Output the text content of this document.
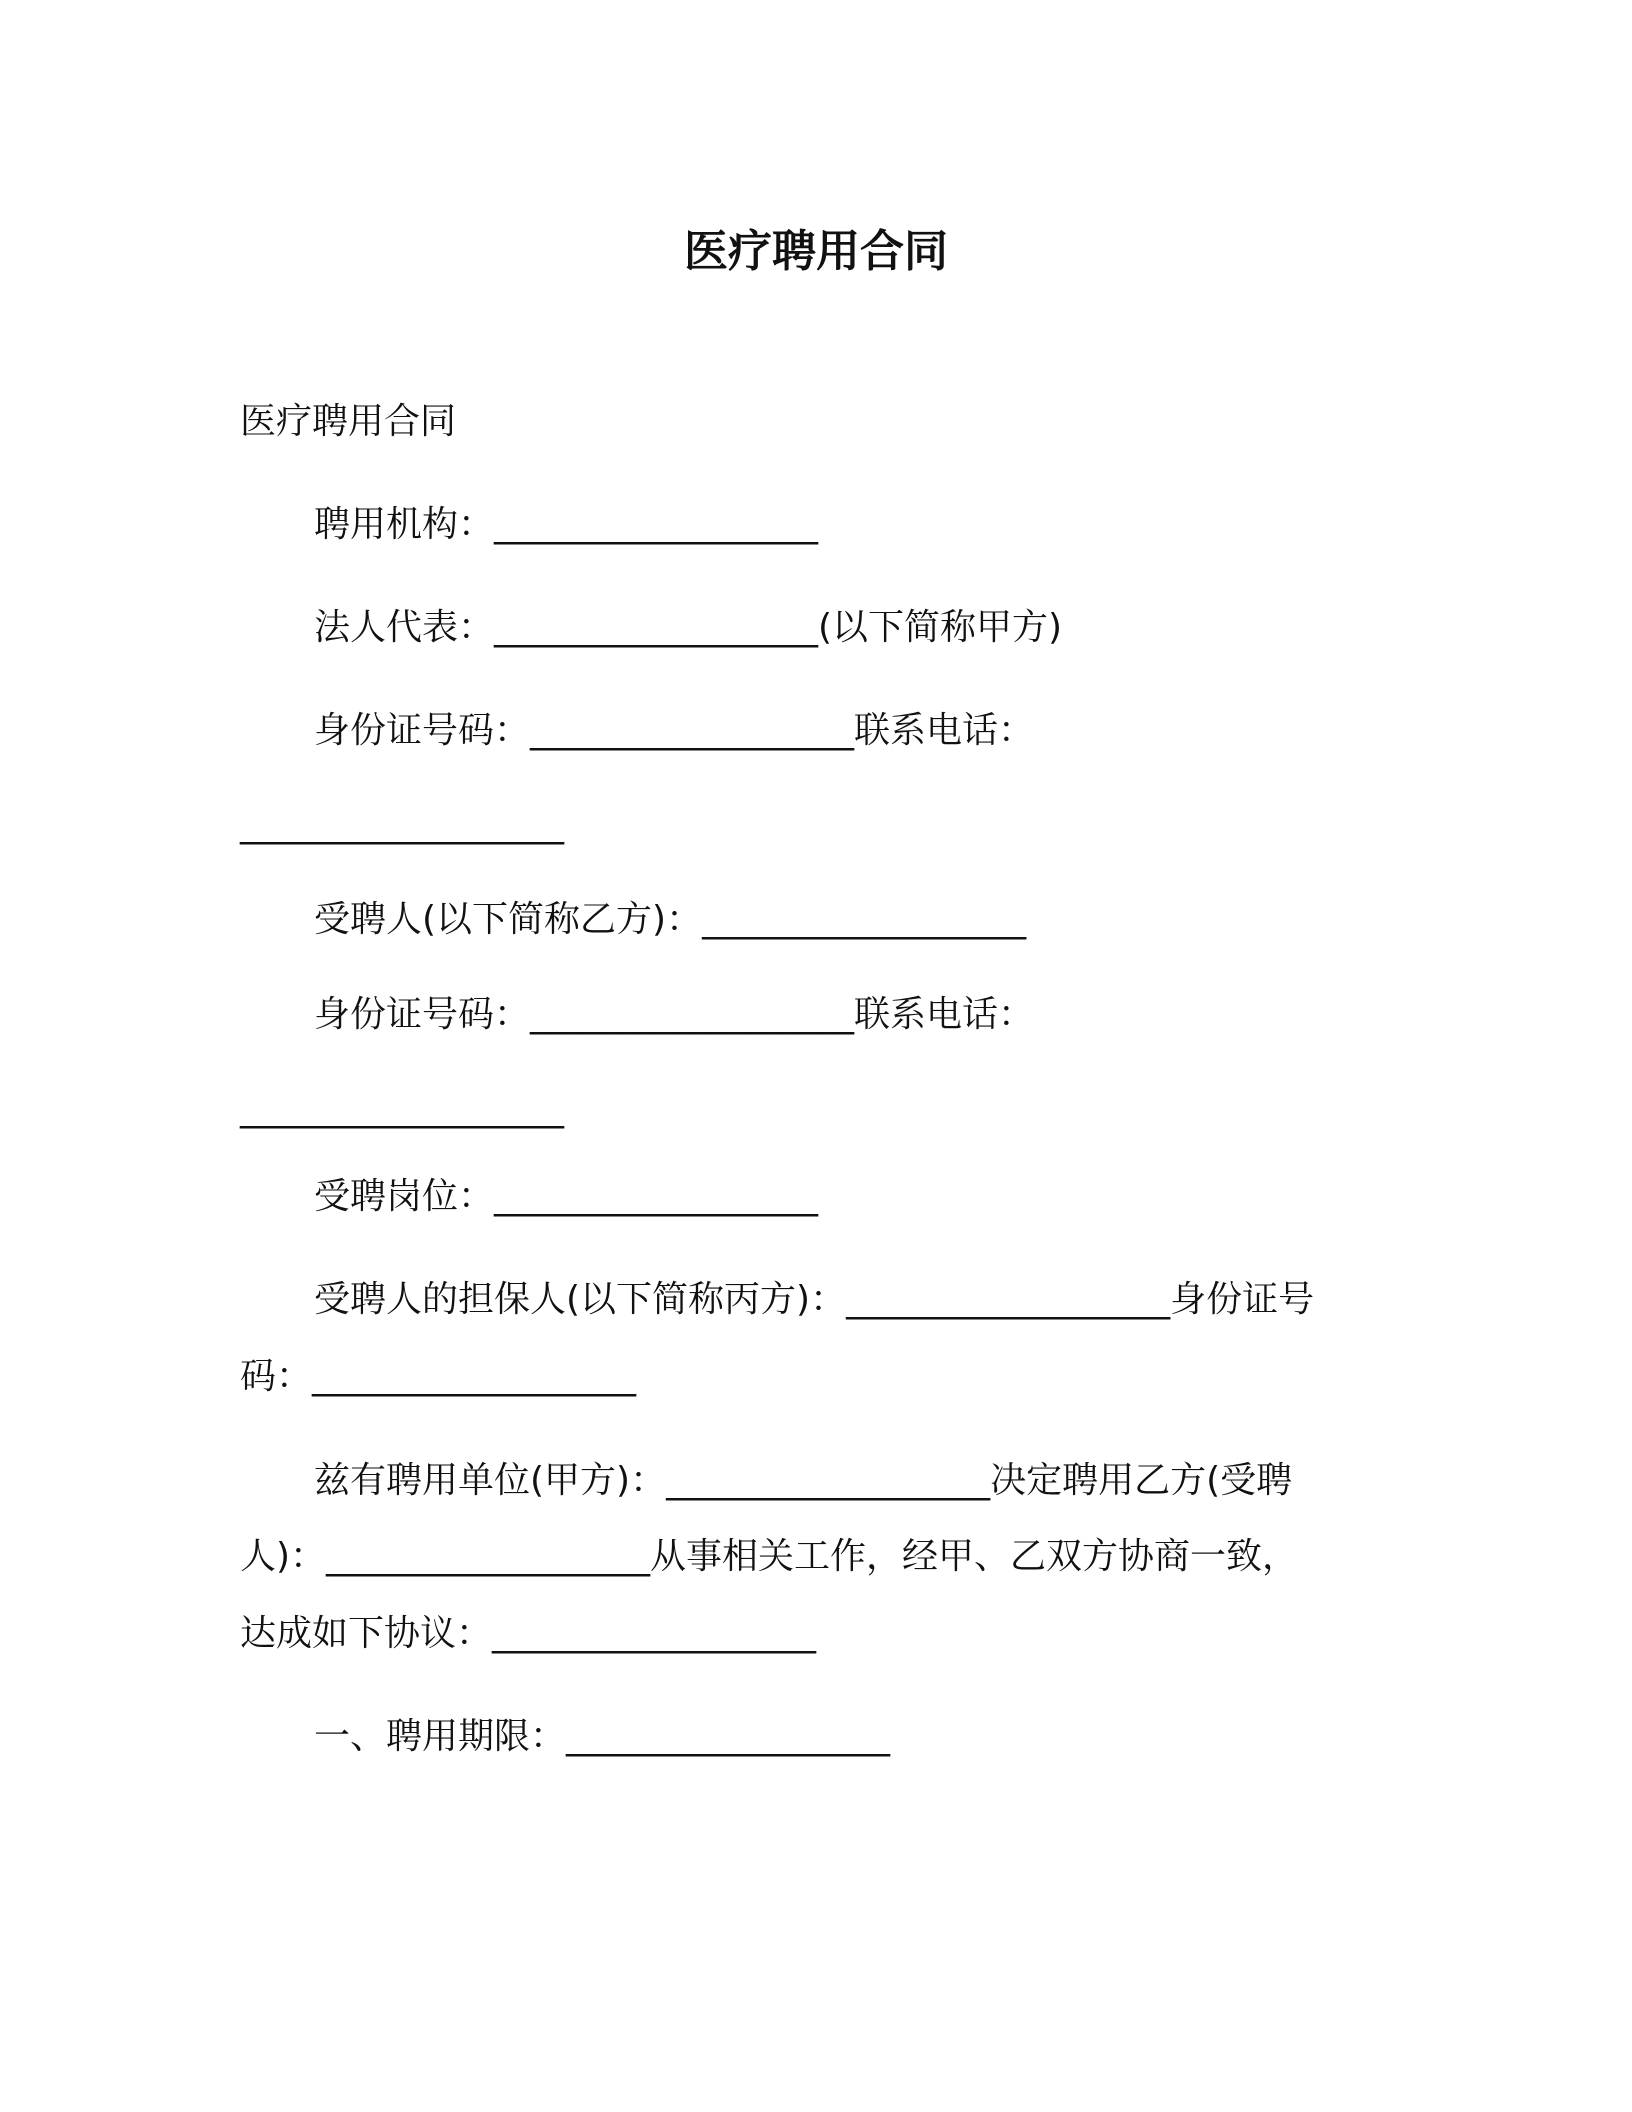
医疗聘用合同

医疗聘用合同

聘用机构：__________________

法人代表：__________________(以下简称甲方)

身份证号码：__________________联系电话：

__________________

受聘人(以下简称乙方)：__________________

身份证号码：__________________联系电话：

__________________

受聘岗位：__________________

受聘人的担保人(以下简称丙方)：__________________身份证号

码：__________________

兹有聘用单位(甲方)：__________________决定聘用乙方(受聘

人)：__________________从事相关工作，经甲、乙双方协商一致，

达成如下协议：__________________

一、聘用期限：__________________
